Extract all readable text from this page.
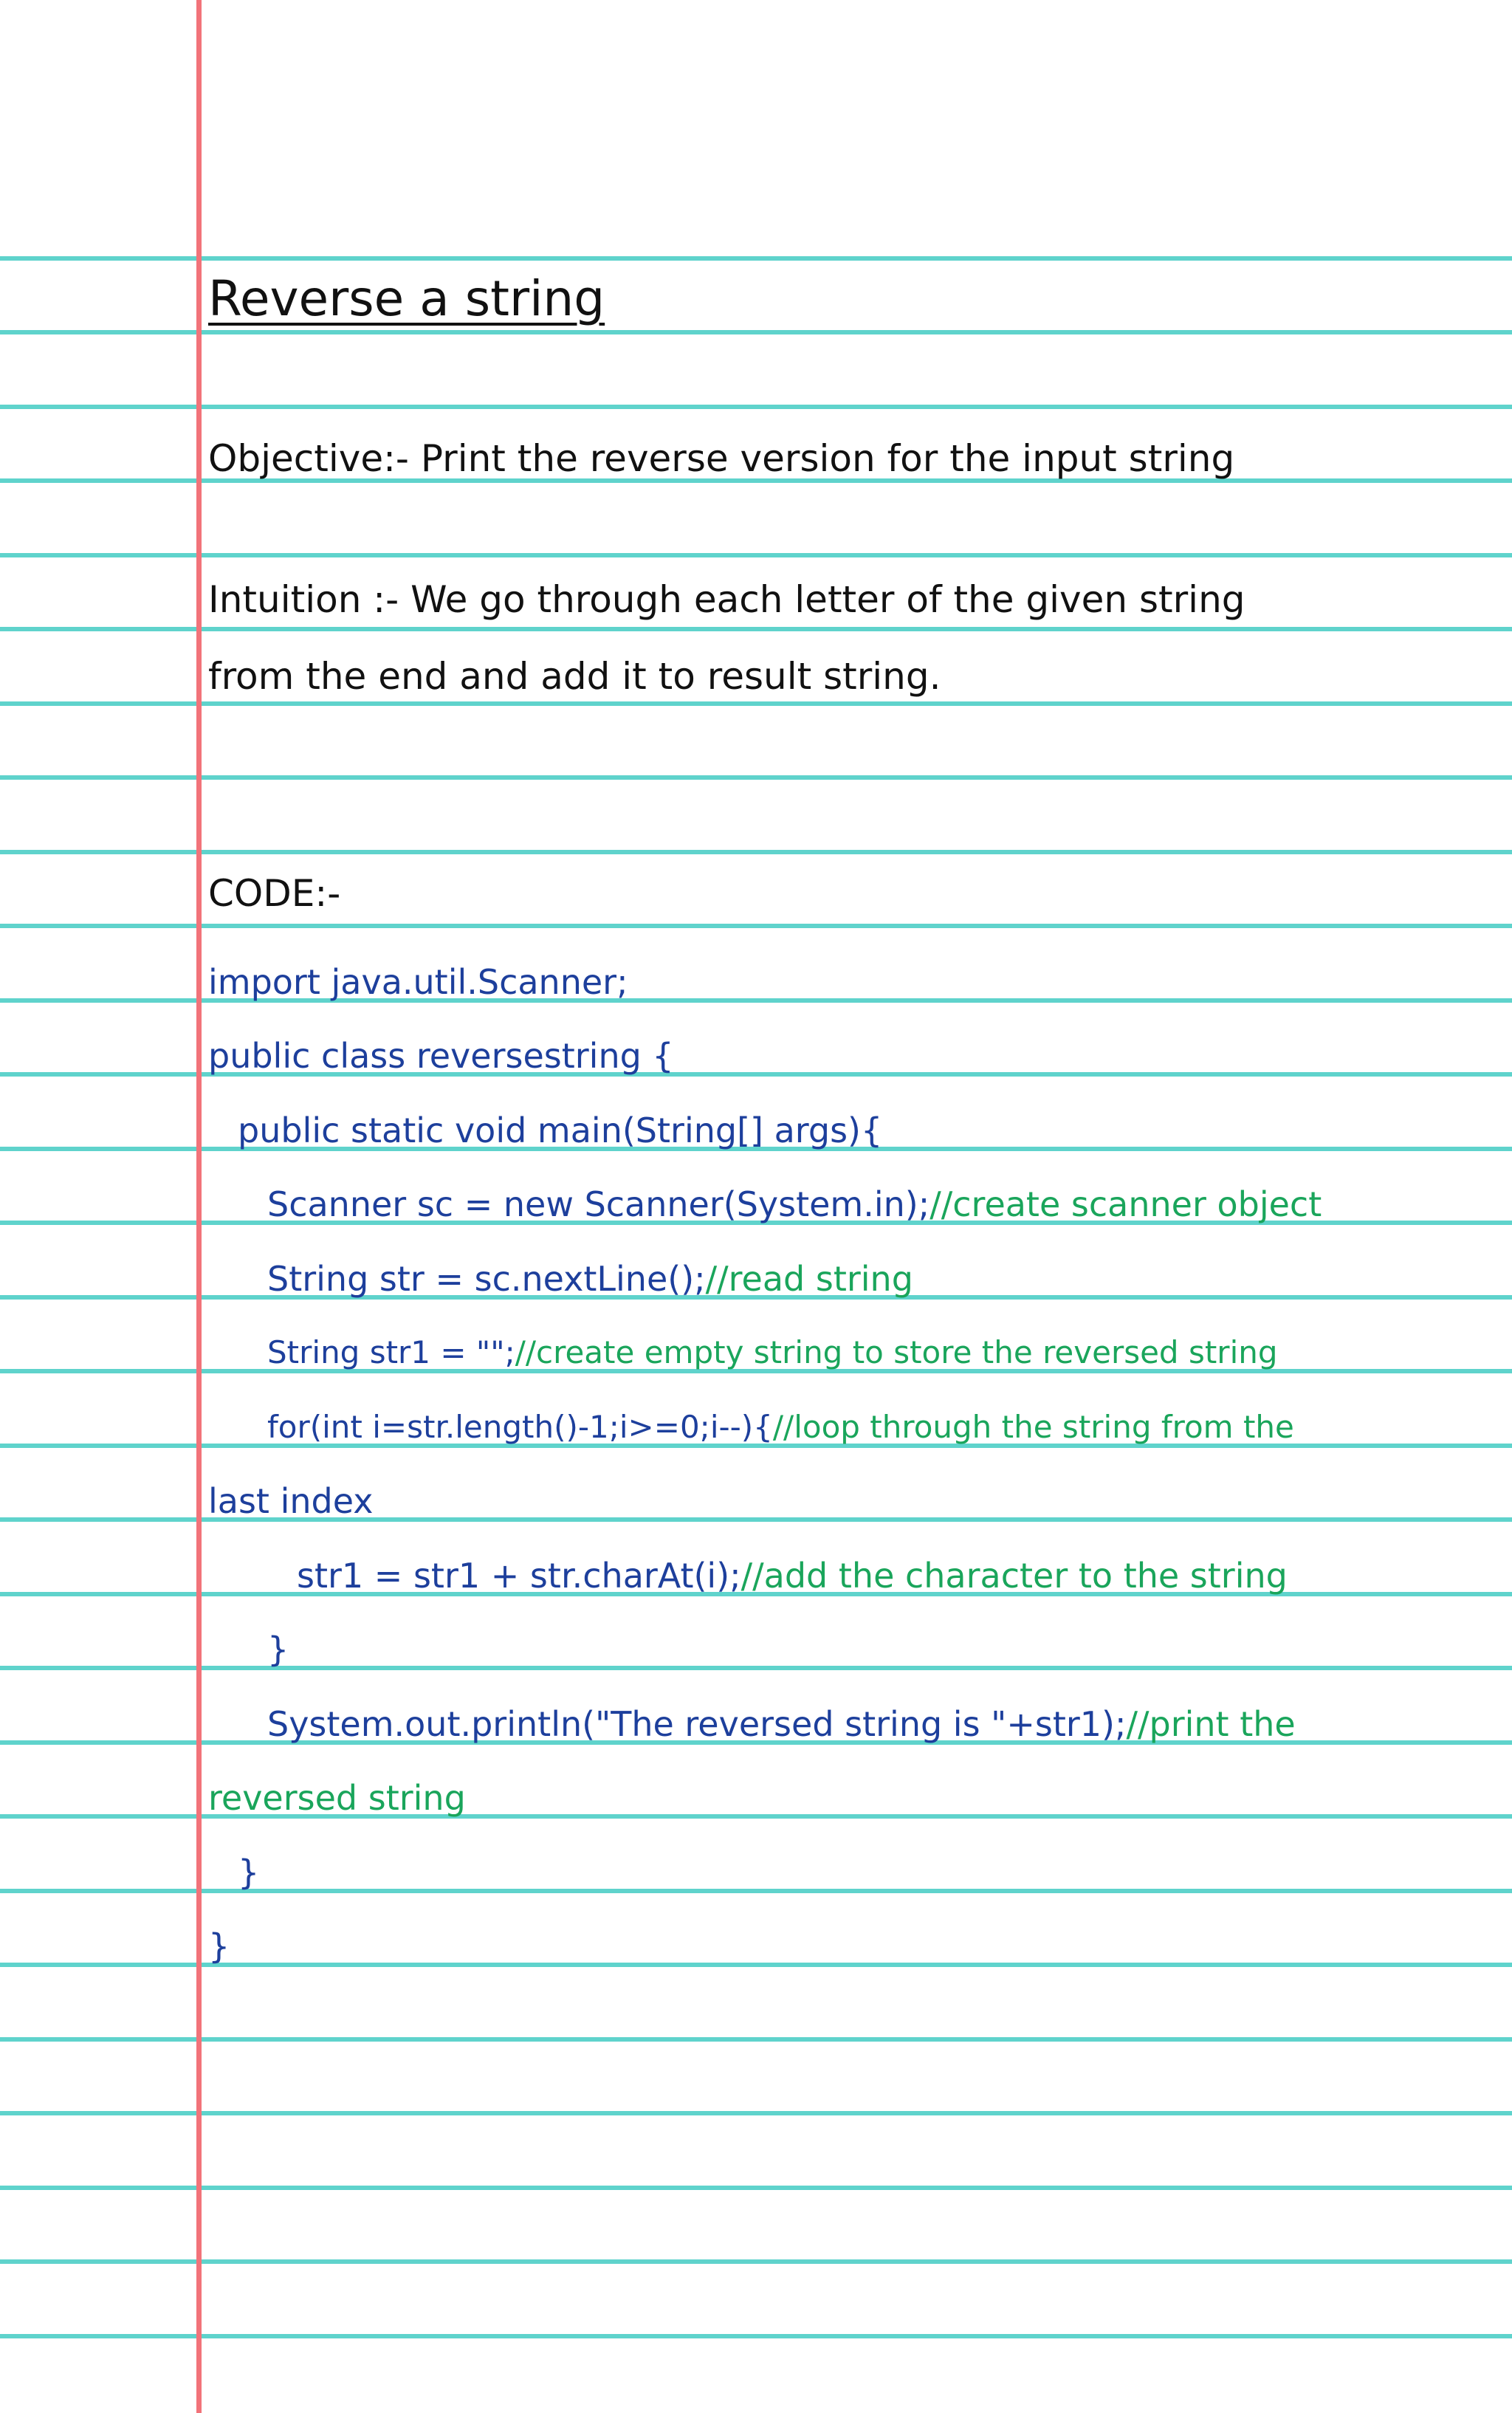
Reverse a string
Objective:- Print the reverse version for the input string
Intuition :- We go through each letter of the given string
from the end and add it to result string.
CODE:-
import java.util.Scanner;
public class reversestring {
public static void main(String[] args){
Scanner sc = new Scanner(System.in);//create scanner object
String str = sc.nextLine();//read string
String str1 = "";//create empty string to store the reversed string
for(int i=str.length()-1;i>=0;i--){//loop through the string from the
last index
str1 = str1 + str.charAt(i);//add the character to the string
}
System.out.println("The reversed string is "+str1);//print the
reversed string
}
}
